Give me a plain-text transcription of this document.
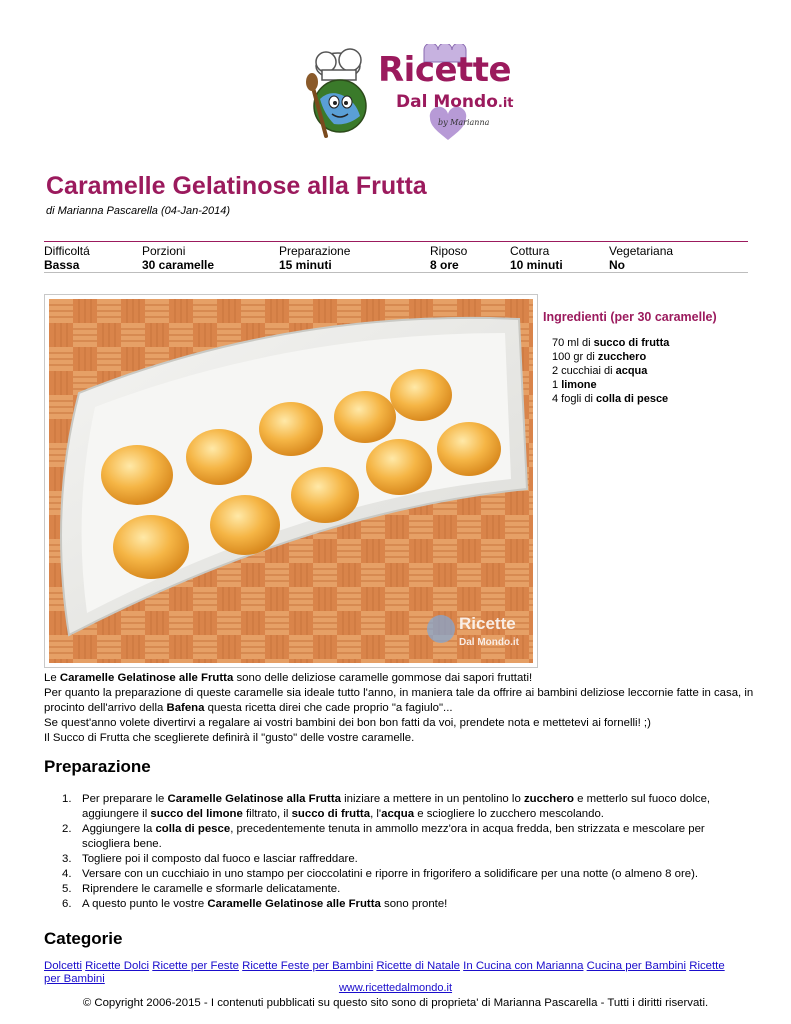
Ricette
Dal Mondo.it
by Marianna
Caramelle Gelatinose alla Frutta
di Marianna Pascarella (04-Jan-2014)
Difficoltá
Bassa
Porzioni
30 caramelle
Preparazione
15 minuti
Riposo
8 ore
Cottura
10 minuti
Vegetariana
No
Ricette
Dal Mondo.it
Ingredienti (per 30 caramelle)
70 ml di succo di frutta
100 gr di zucchero
2 cucchiai di acqua
1 limone
4 fogli di colla di pesce
Le Caramelle Gelatinose alle Frutta sono delle deliziose caramelle gommose dai sapori fruttati!
Per quanto la preparazione di queste caramelle sia ideale tutto l'anno, in maniera tale da offrire ai bambini deliziose leccornie fatte in casa, in procinto dell'arrivo della Bafena questa ricetta direi che cade proprio "a fagiulo"...
Se quest'anno volete divertirvi a regalare ai vostri bambini dei bon bon fatti da voi, prendete nota e mettetevi ai fornelli! ;)
Il Succo di Frutta che sceglierete definirà il "gusto" delle vostre caramelle.
Preparazione
1. Per preparare le Caramelle Gelatinose alla Frutta iniziare a mettere in un pentolino lo zucchero e metterlo sul fuoco dolce, aggiungere il succo del limone filtrato, il succo di frutta, l'acqua e sciogliere lo zucchero mescolando.
2. Aggiungere la colla di pesce, precedentemente tenuta in ammollo mezz'ora in acqua fredda, ben strizzata e mescolare per sciogliera bene.
3. Togliere poi il composto dal fuoco e lasciar raffreddare.
4. Versare con un cucchiaio in uno stampo per cioccolatini e riporre in frigorifero a solidificare per una notte (o almeno 8 ore).
5. Riprendere le caramelle e sformarle delicatamente.
6. A questo punto le vostre Caramelle Gelatinose alle Frutta sono pronte!
Categorie
Dolcetti Ricette Dolci Ricette per Feste Ricette Feste per Bambini Ricette di Natale In Cucina con Marianna Cucina per Bambini Ricette per Bambini
www.ricettedalmondo.it
© Copyright 2006-2015 - I contenuti pubblicati su questo sito sono di proprieta' di Marianna Pascarella - Tutti i diritti riservati.
